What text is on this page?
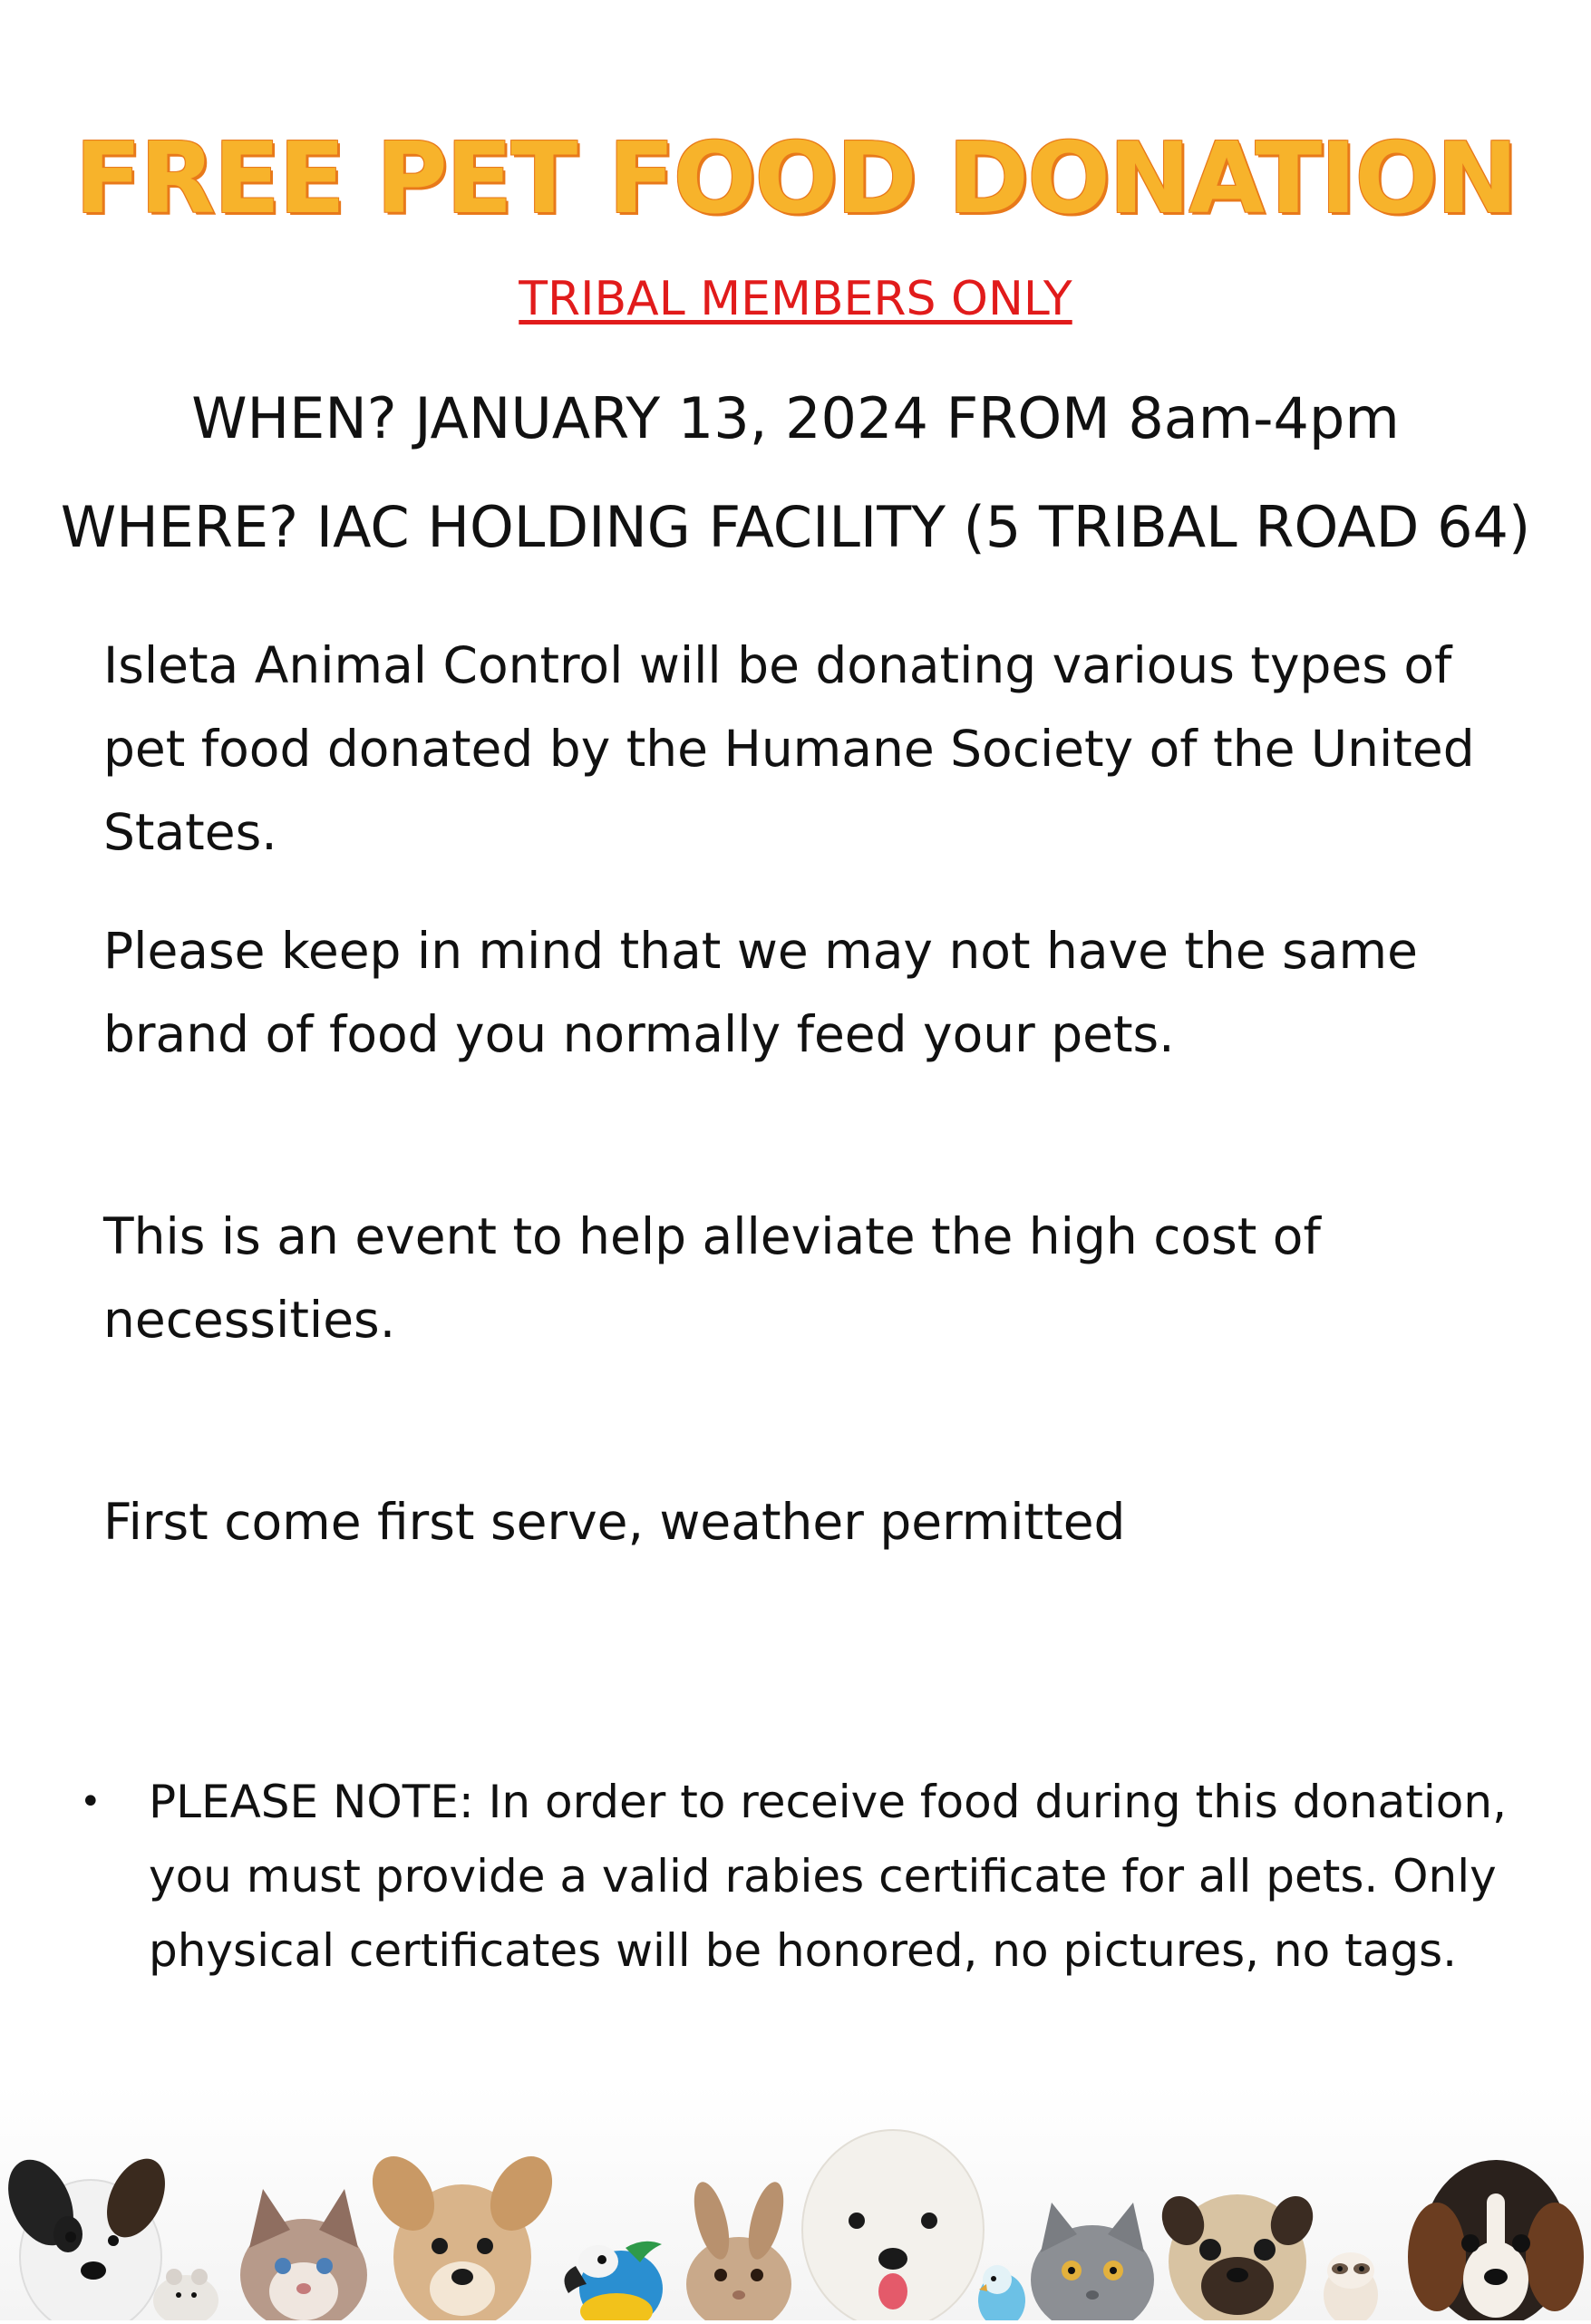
FREE PET FOOD DONATION
TRIBAL MEMBERS ONLY
WHEN? JANUARY 13, 2024 FROM 8am-4pm
WHERE? IAC HOLDING FACILITY (5 TRIBAL ROAD 64)
Isleta Animal Control will be donating various types of pet food donated by the Humane Society of the United States.
Please keep in mind that we may not have the same brand of food you normally feed your pets.
This is an event to help alleviate the high cost of necessities.
First come first serve, weather permitted
•	PLEASE NOTE: In order to receive food during this donation, you must provide a valid rabies certificate for all pets. Only physical certificates will be honored, no pictures, no tags.
